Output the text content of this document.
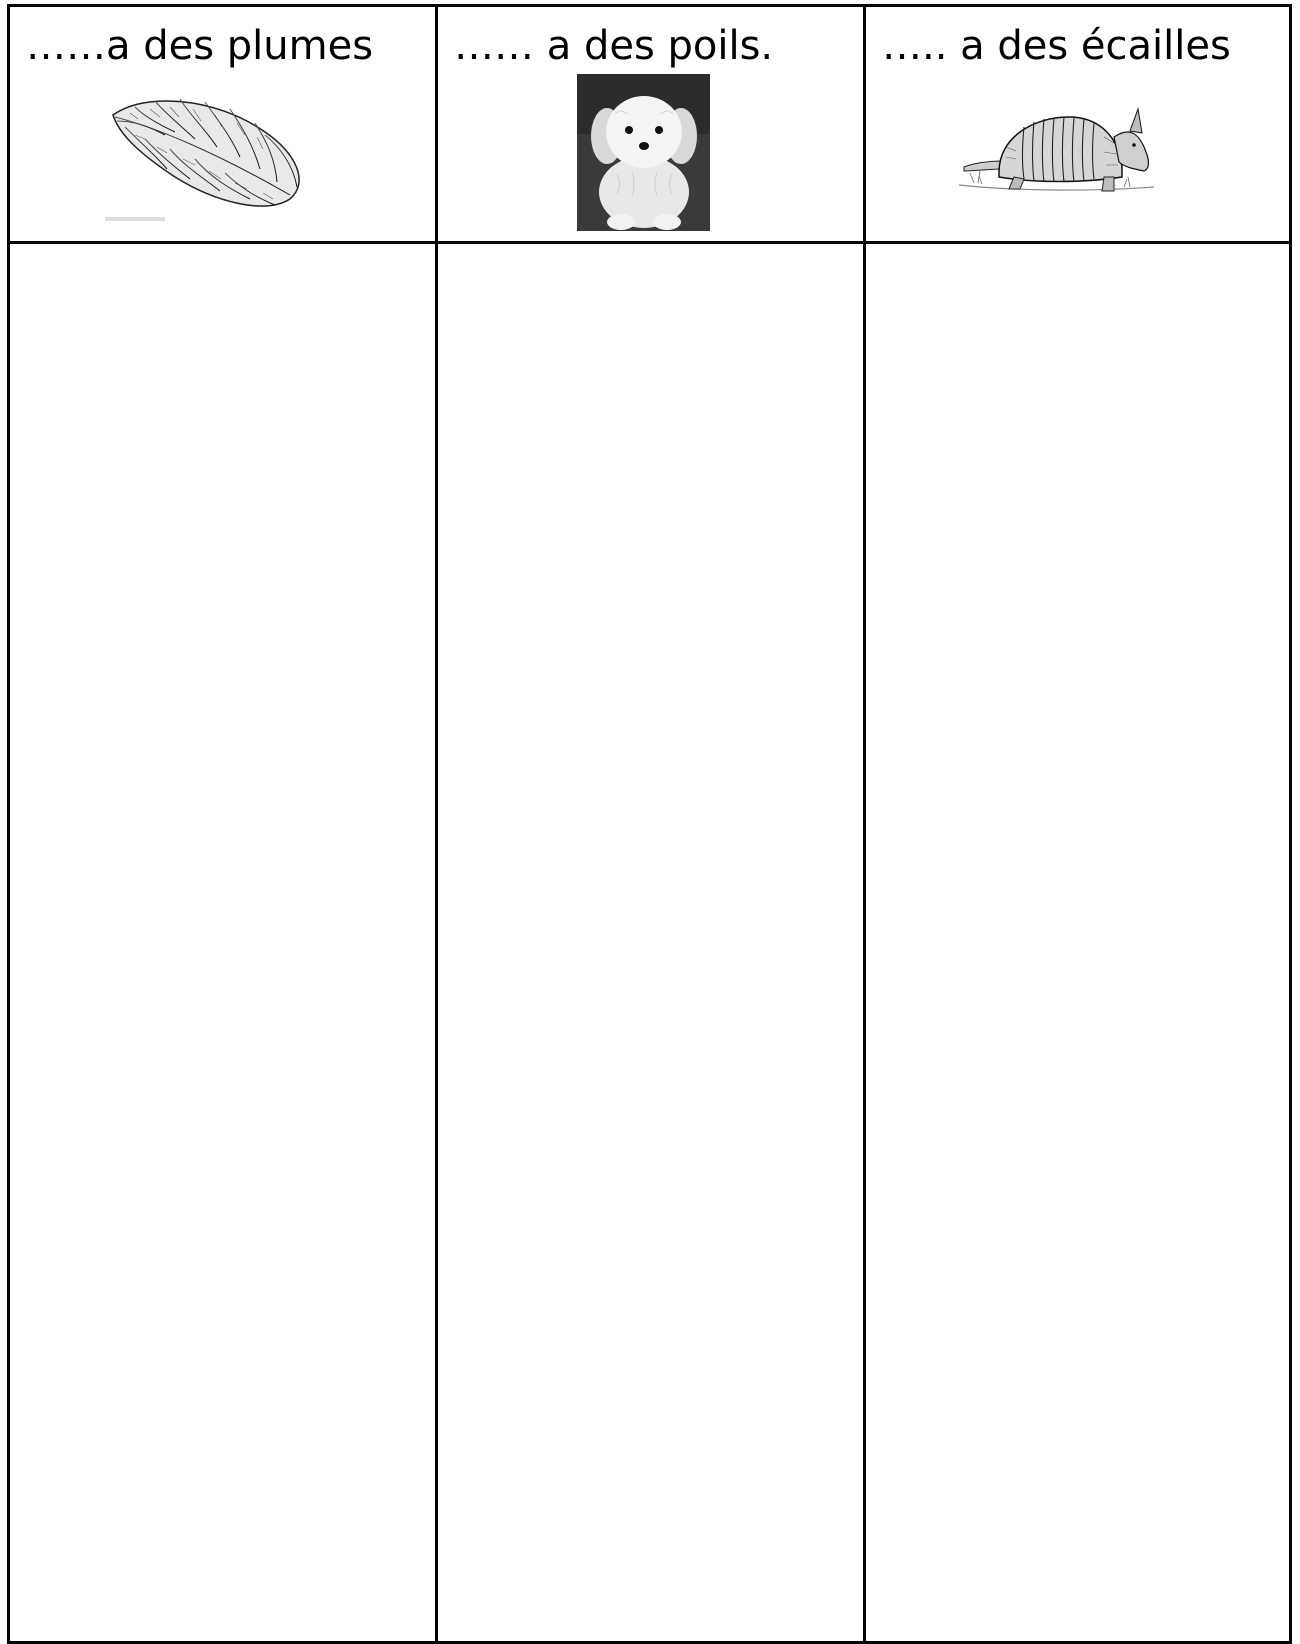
……a des plumes …… a des poils.	….. a des écailles
